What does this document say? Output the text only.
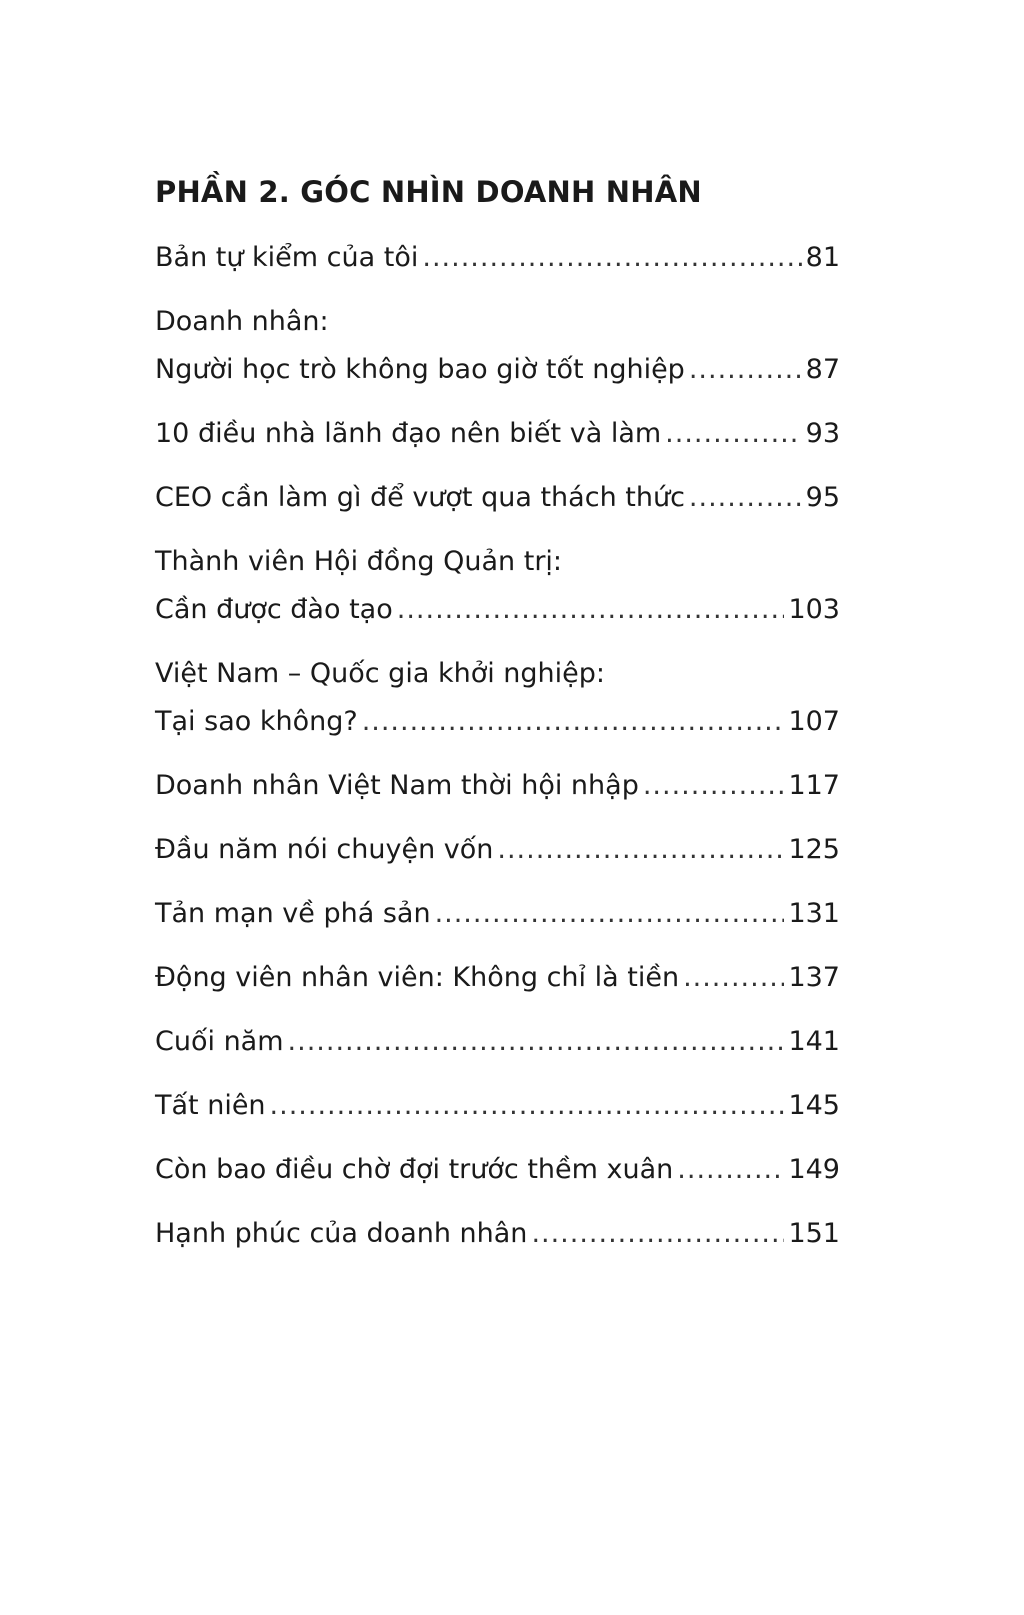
PHẦN 2. GÓC NHÌN DOANH NHÂN
Bản tự kiểm của tôi .....	81
Doanh nhân:
Người học trò không bao giờ tốt nghiệp .....	87
10 điều nhà lãnh đạo nên biết và làm .....	93
CEO cần làm gì để vượt qua thách thức .....	95
Thành viên Hội đồng Quản trị:
Cần được đào tạo .....	103
Việt Nam – Quốc gia khởi nghiệp:
Tại sao không? .....	107
Doanh nhân Việt Nam thời hội nhập .....	117
Đầu năm nói chuyện vốn .....	125
Tản mạn về phá sản .....	131
Động viên nhân viên: Không chỉ là tiền .....	137
Cuối năm .....	141
Tất niên .....	145
Còn bao điều chờ đợi trước thềm xuân .....	149
Hạnh phúc của doanh nhân .....	151
